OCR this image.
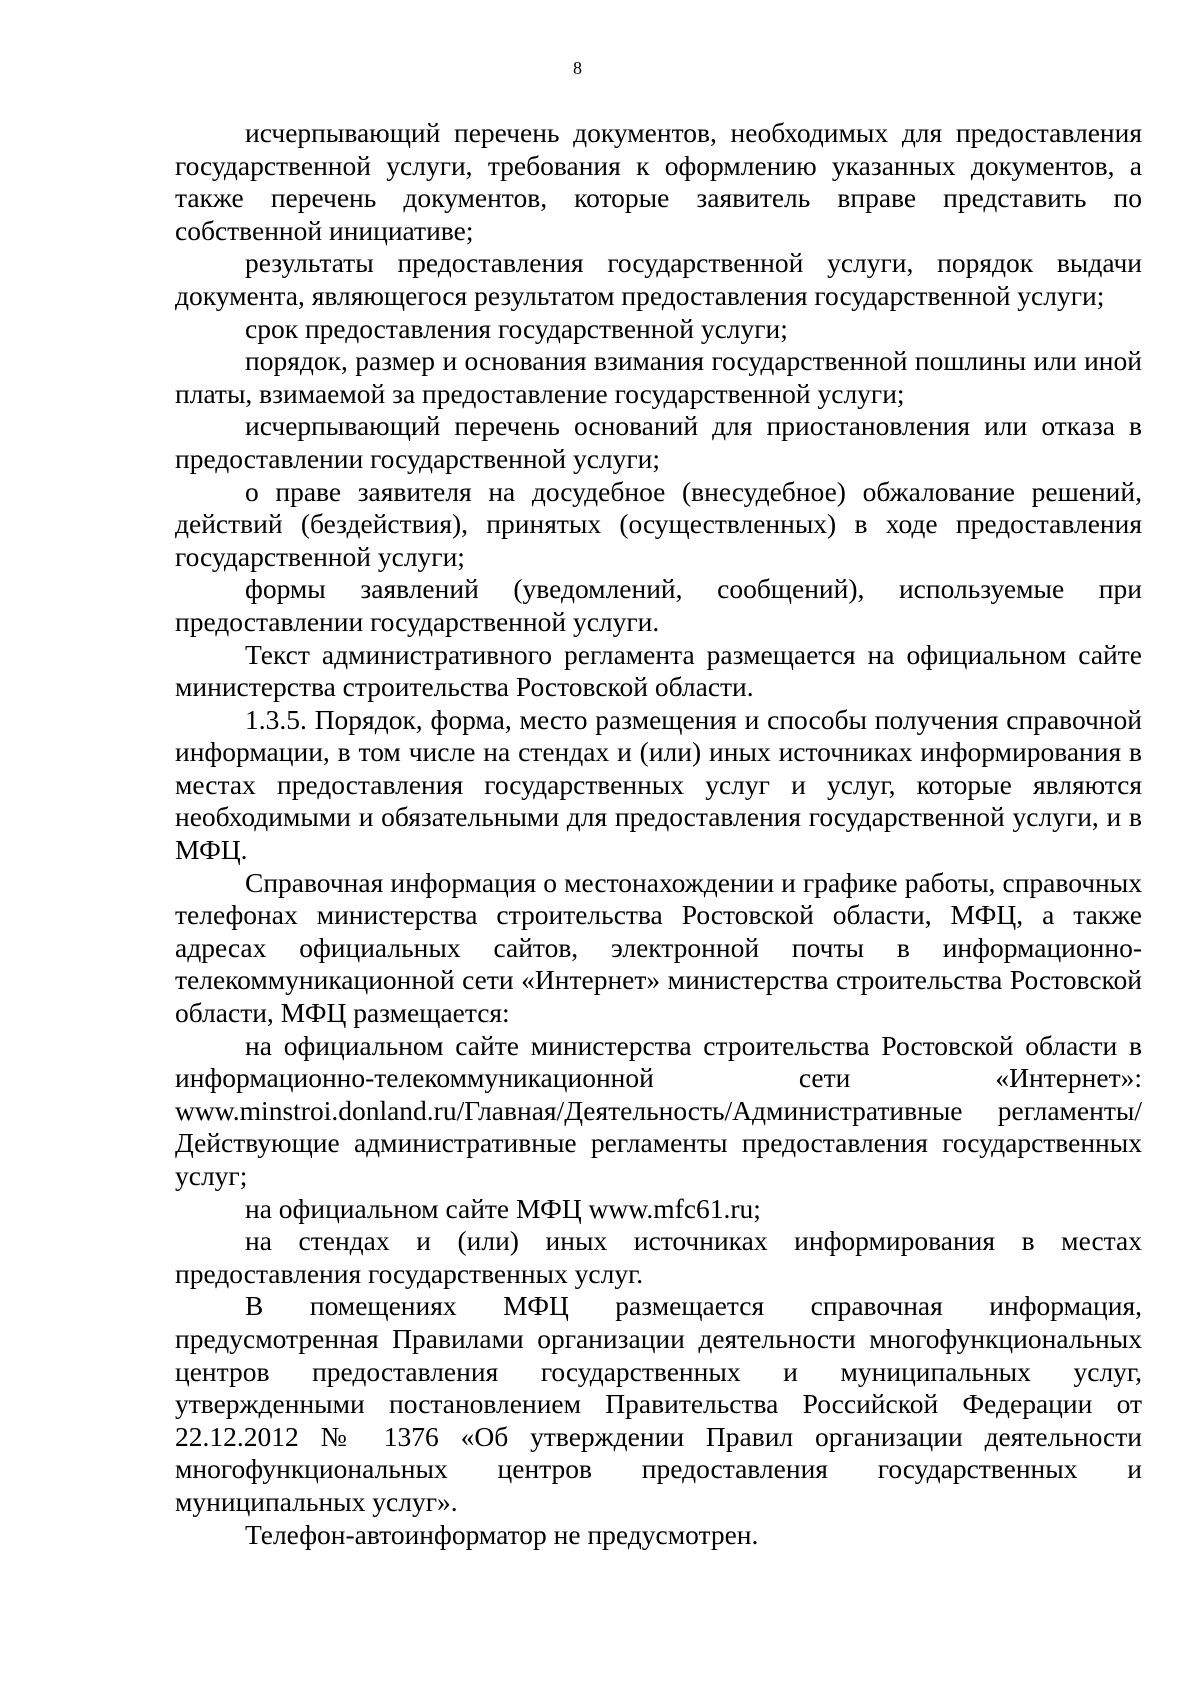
8

исчерпывающий перечень документов, необходимых для предоставления государственной услуги, требования к оформлению указанных документов, а также перечень документов, которые заявитель вправе представить по собственной инициативе;

результаты предоставления государственной услуги, порядок выдачи документа, являющегося результатом предоставления государственной услуги;

срок предоставления государственной услуги;

порядок, размер и основания взимания государственной пошлины или иной платы, взимаемой за предоставление государственной услуги;

исчерпывающий перечень оснований для приостановления или отказа в предоставлении государственной услуги;

о праве заявителя на досудебное (внесудебное) обжалование решений, действий (бездействия), принятых (осуществленных) в ходе предоставления государственной услуги;

формы заявлений (уведомлений, сообщений), используемые при предоставлении государственной услуги.

Текст административного регламента размещается на официальном сайте министерства строительства Ростовской области.

1.3.5. Порядок, форма, место размещения и способы получения справочной информации, в том числе на стендах и (или) иных источниках информирования в местах предоставления государственных услуг и услуг, которые являются необходимыми и обязательными для предоставления государственной услуги, и в МФЦ.

Справочная информация о местонахождении и графике работы, справочных телефонах министерства строительства Ростовской области, МФЦ, а также адресах официальных сайтов, электронной почты в информационно-телекоммуникационной сети «Интернет» министерства строительства Ростовской области, МФЦ размещается:

на официальном сайте министерства строительства Ростовской области в информационно-телекоммуникационной сети «Интернет»: www.minstroi.donland.ru/Главная/Деятельность/Административные регламенты/ Действующие административные регламенты предоставления государственных услуг;

на официальном сайте МФЦ www.mfc61.ru;

на стендах и (или) иных источниках информирования в местах предоставления государственных услуг.

В помещениях МФЦ размещается справочная информация, предусмотренная Правилами организации деятельности многофункциональных центров предоставления государственных и муниципальных услуг, утвержденными постановлением Правительства Российской Федерации от 22.12.2012 № 1376 «Об утверждении Правил организации деятельности многофункциональных центров предоставления государственных и муниципальных услуг».

Телефон-автоинформатор не предусмотрен.
